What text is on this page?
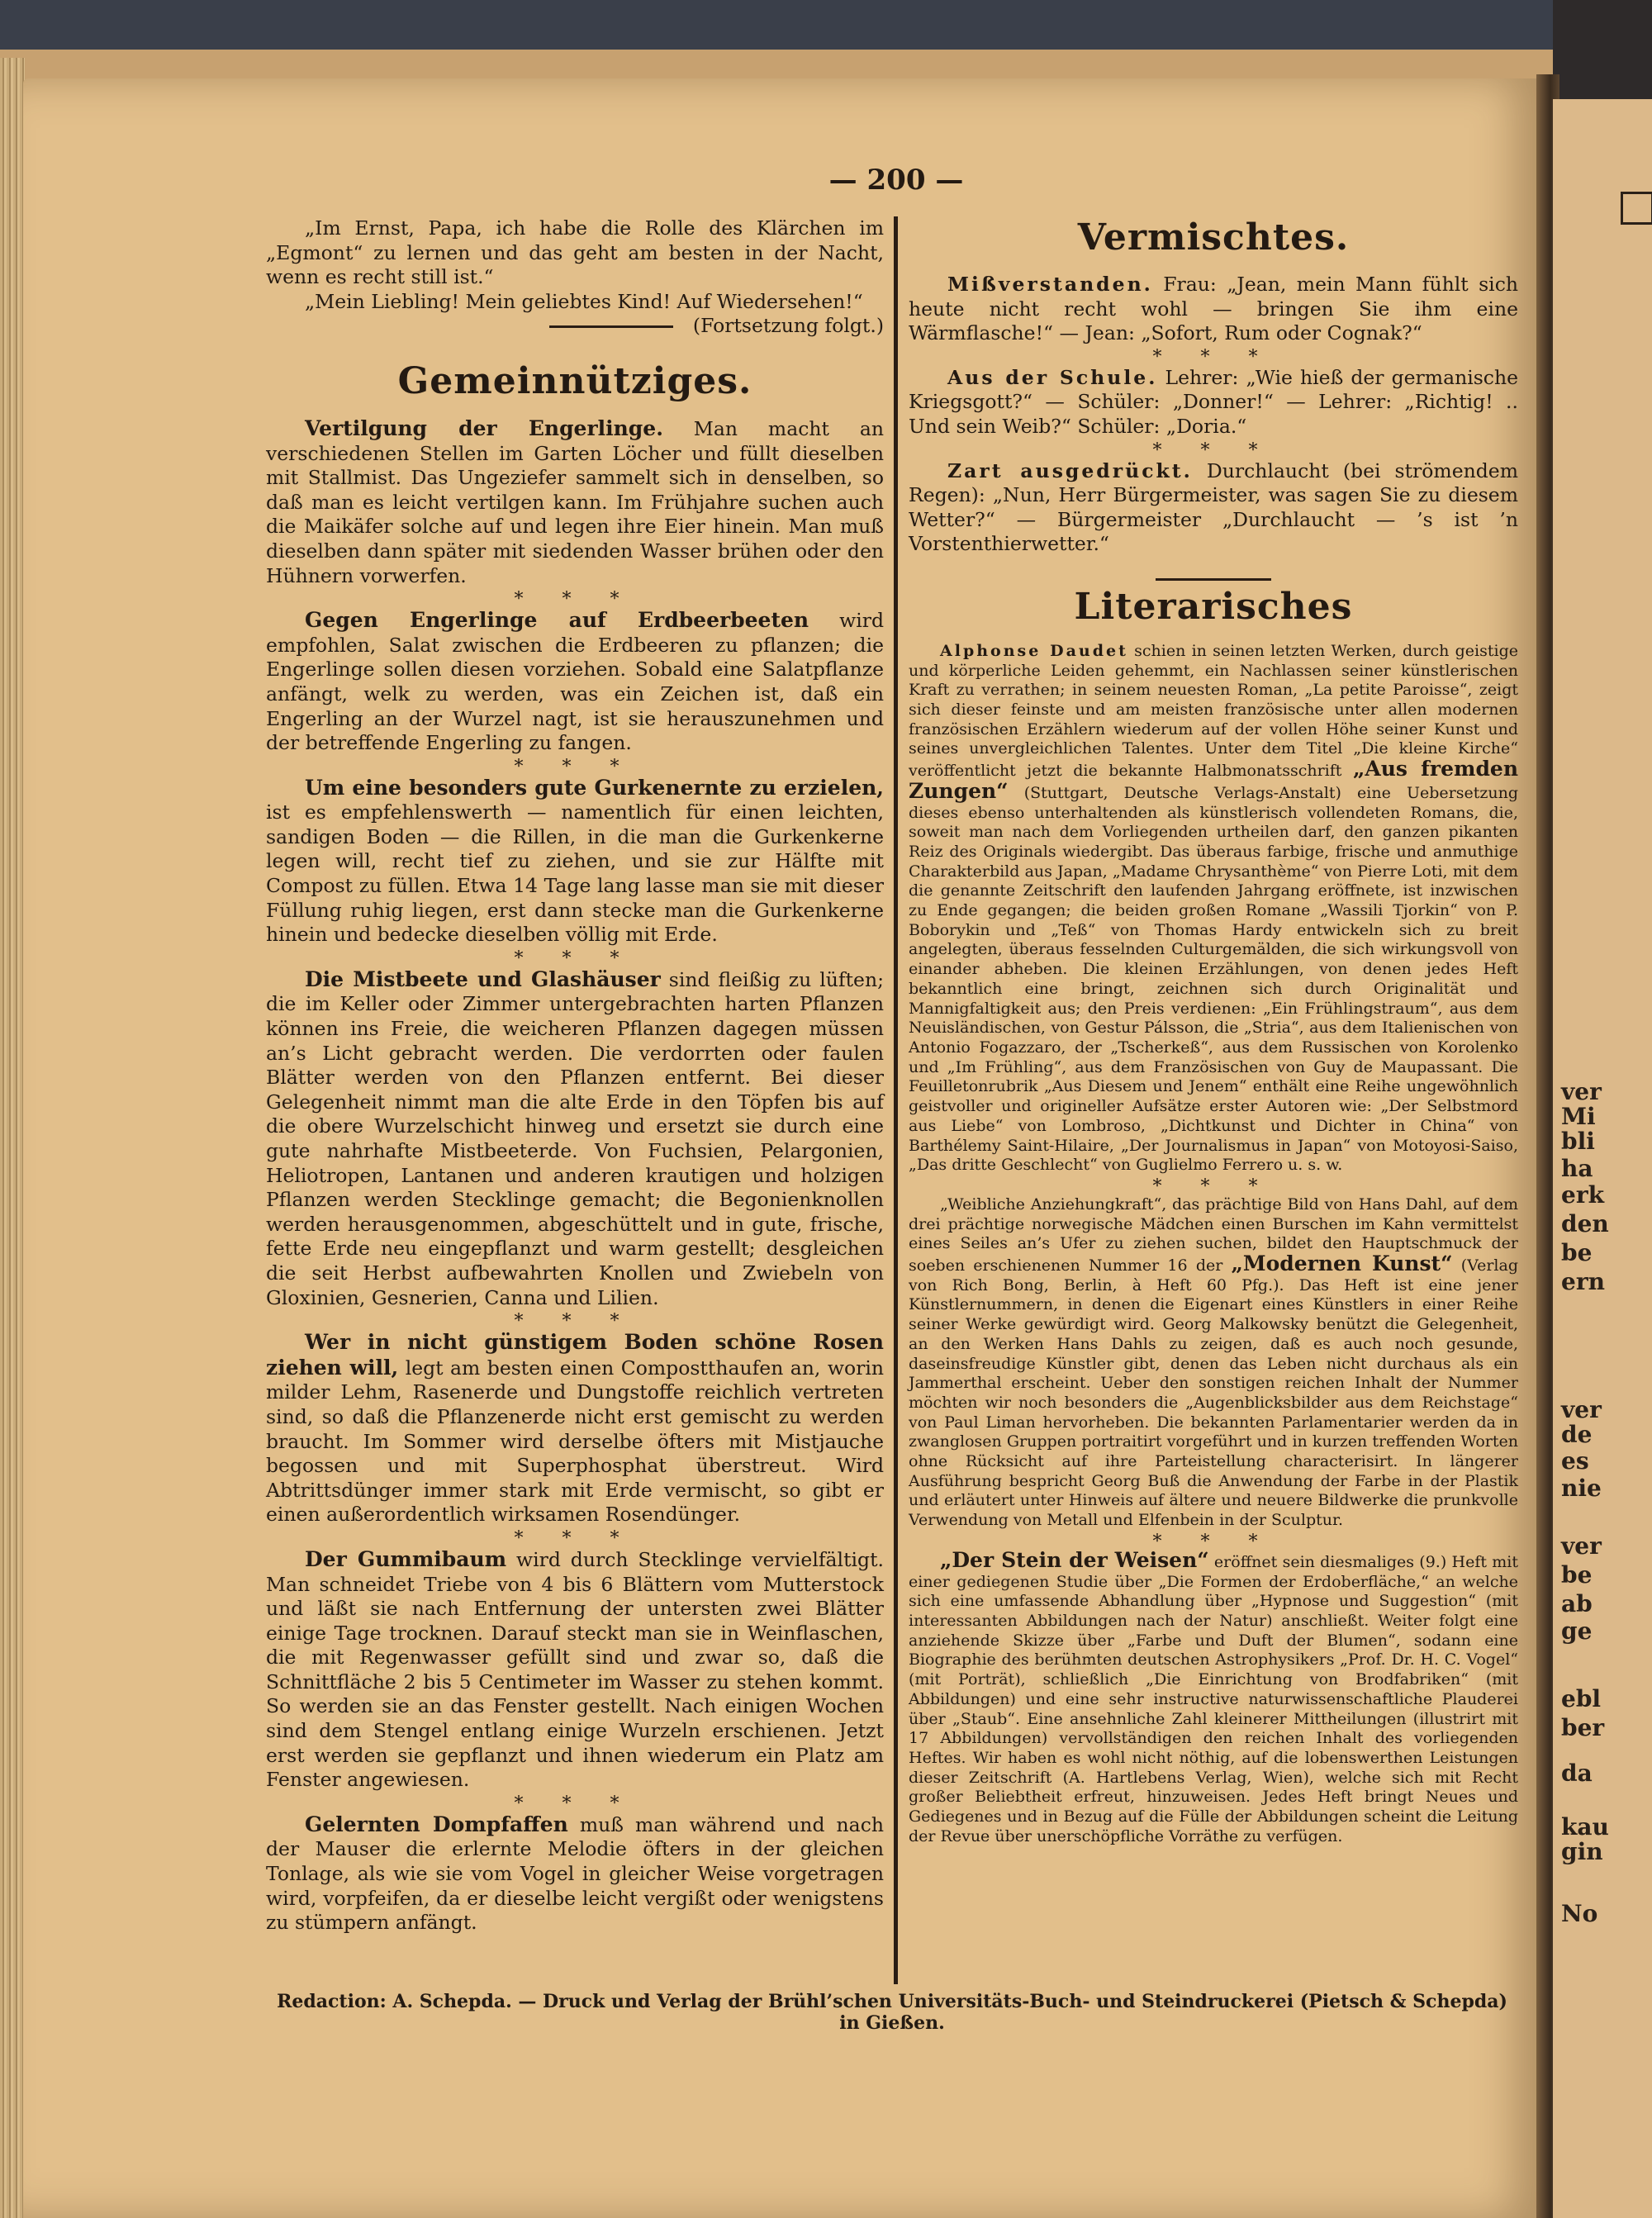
ver
Mi
bli
ha
erk
den
be
ern
ver
de
es
nie
ver
be
ab
ge
ebl
ber
da
kau
gin
No
— 200 —

„Im Ernst, Papa, ich habe die Rolle des Klärchen im „Egmont“ zu lernen und das geht am besten in der Nacht, wenn es recht still ist.“

„Mein Liebling! Mein geliebtes Kind! Auf Wiedersehen!“
(Fortsetzung folgt.)
Gemeinnütziges.

Vertilgung der Engerlinge. Man macht an verschiedenen Stellen im Garten Löcher und füllt dieselben mit Stallmist. Das Ungeziefer sammelt sich in denselben, so daß man es leicht vertilgen kann. Im Frühjahre suchen auch die Maikäfer solche auf und legen ihre Eier hinein. Man muß dieselben dann später mit siedenden Wasser brühen oder den Hühnern vorwerfen.

* * *

Gegen Engerlinge auf Erdbeerbeeten wird empfohlen, Salat zwischen die Erdbeeren zu pflanzen; die Engerlinge sollen diesen vorziehen. Sobald eine Salatpflanze anfängt, welk zu werden, was ein Zeichen ist, daß ein Engerling an der Wurzel nagt, ist sie herauszunehmen und der betreffende Engerling zu fangen.

* * *

Um eine besonders gute Gurkenernte zu erzielen, ist es empfehlenswerth — namentlich für einen leichten, sandigen Boden — die Rillen, in die man die Gurkenkerne legen will, recht tief zu ziehen, und sie zur Hälfte mit Compost zu füllen. Etwa 14 Tage lang lasse man sie mit dieser Füllung ruhig liegen, erst dann stecke man die Gurkenkerne hinein und bedecke dieselben völlig mit Erde.

* * *

Die Mistbeete und Glashäuser sind fleißig zu lüften; die im Keller oder Zimmer untergebrachten harten Pflanzen können ins Freie, die weicheren Pflanzen dagegen müssen an’s Licht gebracht werden. Die verdorrten oder faulen Blätter werden von den Pflanzen entfernt. Bei dieser Gelegenheit nimmt man die alte Erde in den Töpfen bis auf die obere Wurzelschicht hinweg und ersetzt sie durch eine gute nahrhafte Mistbeeterde. Von Fuchsien, Pelargonien, Heliotropen, Lantanen und anderen krautigen und holzigen Pflanzen werden Stecklinge gemacht; die Begonienknollen werden herausgenommen, abgeschüttelt und in gute, frische, fette Erde neu eingepflanzt und warm gestellt; desgleichen die seit Herbst aufbewahrten Knollen und Zwiebeln von Gloxinien, Gesnerien, Canna und Lilien.

* * *

Wer in nicht günstigem Boden schöne Rosen ziehen will, legt am besten einen Compostthaufen an, worin milder Lehm, Rasenerde und Dungstoffe reichlich vertreten sind, so daß die Pflanzenerde nicht erst gemischt zu werden braucht. Im Sommer wird derselbe öfters mit Mistjauche begossen und mit Superphosphat überstreut. Wird Abtrittsdünger immer stark mit Erde vermischt, so gibt er einen außerordentlich wirksamen Rosendünger.

* * *

Der Gummibaum wird durch Stecklinge vervielfältigt. Man schneidet Triebe von 4 bis 6 Blättern vom Mutterstock und läßt sie nach Entfernung der untersten zwei Blätter einige Tage trocknen. Darauf steckt man sie in Weinflaschen, die mit Regenwasser gefüllt sind und zwar so, daß die Schnittfläche 2 bis 5 Centimeter im Wasser zu stehen kommt. So werden sie an das Fenster gestellt. Nach einigen Wochen sind dem Stengel entlang einige Wurzeln erschienen. Jetzt erst werden sie gepflanzt und ihnen wiederum ein Platz am Fenster angewiesen.

* * *

Gelernten Dompfaffen muß man während und nach der Mauser die erlernte Melodie öfters in der gleichen Tonlage, als wie sie vom Vogel in gleicher Weise vorgetragen wird, vorpfeifen, da er dieselbe leicht vergißt oder wenigstens zu stümpern anfängt.

Vermischtes.

Mißverstanden. Frau: „Jean, mein Mann fühlt sich heute nicht recht wohl — bringen Sie ihm eine Wärmflasche!“ — Jean: „Sofort, Rum oder Cognak?“

* * *

Aus der Schule. Lehrer: „Wie hieß der germanische Kriegsgott?“ — Schüler: „Donner!“ — Lehrer: „Richtig! .. Und sein Weib?“ Schüler: „Doria.“

* * *

Zart ausgedrückt. Durchlaucht (bei strömendem Regen): „Nun, Herr Bürgermeister, was sagen Sie zu diesem Wetter?“ — Bürgermeister „Durchlaucht — ’s ist ’n Vorstenthierwetter.“

Literarisches

Alphonse Daudet schien in seinen letzten Werken, durch geistige und körperliche Leiden gehemmt, ein Nachlassen seiner künstlerischen Kraft zu verrathen; in seinem neuesten Roman, „La petite Paroisse“, zeigt sich dieser feinste und am meisten französische unter allen modernen französischen Erzählern wiederum auf der vollen Höhe seiner Kunst und seines unvergleichlichen Talentes. Unter dem Titel „Die kleine Kirche“ veröffentlicht jetzt die bekannte Halbmonatsschrift „Aus fremden Zungen“ (Stuttgart, Deutsche Verlags-Anstalt) eine Uebersetzung dieses ebenso unterhaltenden als künstlerisch vollendeten Romans, die, soweit man nach dem Vorliegenden urtheilen darf, den ganzen pikanten Reiz des Originals wiedergibt. Das überaus farbige, frische und anmuthige Charakterbild aus Japan, „Madame Chrysanthème“ von Pierre Loti, mit dem die genannte Zeitschrift den laufenden Jahrgang eröffnete, ist inzwischen zu Ende gegangen; die beiden großen Romane „Wassili Tjorkin“ von P. Boborykin und „Teß“ von Thomas Hardy entwickeln sich zu breit angelegten, überaus fesselnden Culturgemälden, die sich wirkungsvoll von einander abheben. Die kleinen Erzählungen, von denen jedes Heft bekanntlich eine bringt, zeichnen sich durch Originalität und Mannigfaltigkeit aus; den Preis verdienen: „Ein Frühlingstraum“, aus dem Neuisländischen, von Gestur Pálsson, die „Stria“, aus dem Italienischen von Antonio Fogazzaro, der „Tscherkeß“, aus dem Russischen von Korolenko und „Im Frühling“, aus dem Französischen von Guy de Maupassant. Die Feuilletonrubrik „Aus Diesem und Jenem“ enthält eine Reihe ungewöhnlich geistvoller und origineller Aufsätze erster Autoren wie: „Der Selbstmord aus Liebe“ von Lombroso, „Dichtkunst und Dichter in China“ von Barthélemy Saint-Hilaire, „Der Journalismus in Japan“ von Motoyosi-Saiso, „Das dritte Geschlecht“ von Guglielmo Ferrero u. s. w.

* * *

„Weibliche Anziehungkraft“, das prächtige Bild von Hans Dahl, auf dem drei prächtige norwegische Mädchen einen Burschen im Kahn vermittelst eines Seiles an’s Ufer zu ziehen suchen, bildet den Hauptschmuck der soeben erschienenen Nummer 16 der „Modernen Kunst“ (Verlag von Rich Bong, Berlin, à Heft 60 Pfg.). Das Heft ist eine jener Künstlernummern, in denen die Eigenart eines Künstlers in einer Reihe seiner Werke gewürdigt wird. Georg Malkowsky benützt die Gelegenheit, an den Werken Hans Dahls zu zeigen, daß es auch noch gesunde, daseinsfreudige Künstler gibt, denen das Leben nicht durchaus als ein Jammerthal erscheint. Ueber den sonstigen reichen Inhalt der Nummer möchten wir noch besonders die „Augenblicksbilder aus dem Reichstage“ von Paul Liman hervorheben. Die bekannten Parlamentarier werden da in zwanglosen Gruppen portraitirt vorgeführt und in kurzen treffenden Worten ohne Rücksicht auf ihre Parteistellung characterisirt. In längerer Ausführung bespricht Georg Buß die Anwendung der Farbe in der Plastik und erläutert unter Hinweis auf ältere und neuere Bildwerke die prunkvolle Verwendung von Metall und Elfenbein in der Sculptur.

* * *

„Der Stein der Weisen“ eröffnet sein diesmaliges (9.) Heft mit einer gediegenen Studie über „Die Formen der Erdoberfläche,“ an welche sich eine umfassende Abhandlung über „Hypnose und Suggestion“ (mit interessanten Abbildungen nach der Natur) anschließt. Weiter folgt eine anziehende Skizze über „Farbe und Duft der Blumen“, sodann eine Biographie des berühmten deutschen Astrophysikers „Prof. Dr. H. C. Vogel“ (mit Porträt), schließlich „Die Einrichtung von Brodfabriken“ (mit Abbildungen) und eine sehr instructive naturwissenschaftliche Plauderei über „Staub“. Eine ansehnliche Zahl kleinerer Mittheilungen (illustrirt mit 17 Abbildungen) vervollständigen den reichen Inhalt des vorliegenden Heftes. Wir haben es wohl nicht nöthig, auf die lobenswerthen Leistungen dieser Zeitschrift (A. Hartlebens Verlag, Wien), welche sich mit Recht großer Beliebtheit erfreut, hinzuweisen. Jedes Heft bringt Neues und Gediegenes und in Bezug auf die Fülle der Abbildungen scheint die Leitung der Revue über unerschöpfliche Vorräthe zu verfügen.

Redaction: A. Schepda. — Druck und Verlag der Brühl’schen Universitäts-Buch- und Steindruckerei (Pietsch & Schepda) in Gießen.
